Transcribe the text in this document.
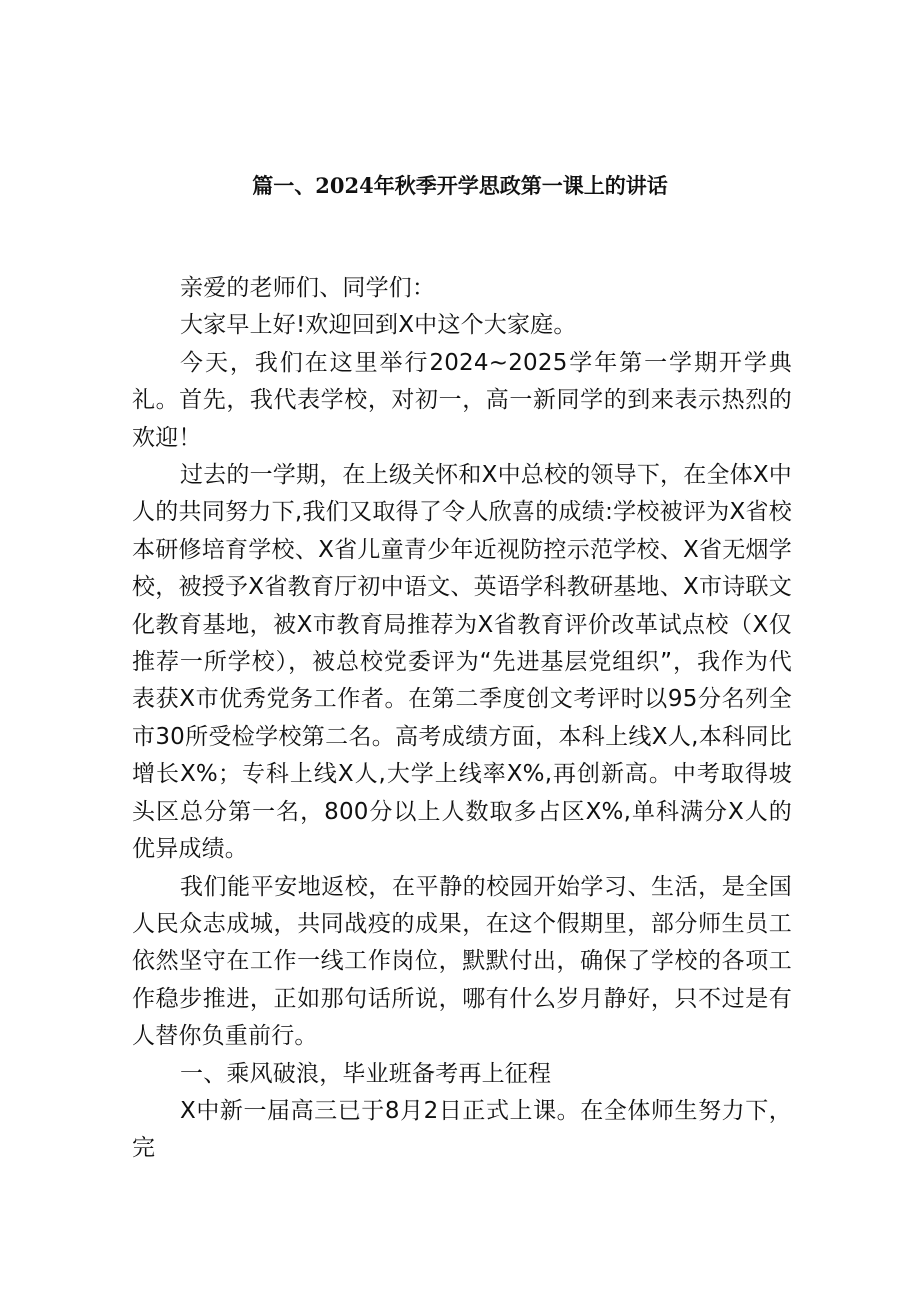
篇一、2024年秋季开学思政第一课上的讲话

亲爱的老师们、同学们：

大家早上好!欢迎回到X中这个大家庭。

今天，我们在这里举行2024~2025学年第一学期开学典礼。首先，我代表学校，对初一，高一新同学的到来表示热烈的欢迎！

过去的一学期，在上级关怀和X中总校的领导下，在全体X中人的共同努力下,我们又取得了令人欣喜的成绩:学校被评为X省校本研修培育学校、X省儿童青少年近视防控示范学校、X省无烟学校，被授予X省教育厅初中语文、英语学科教研基地、X市诗联文化教育基地，被X市教育局推荐为X省教育评价改革试点校（X仅推荐一所学校），被总校党委评为“先进基层党组织”，我作为代表获X市优秀党务工作者。在第二季度创文考评时以95分名列全市30所受检学校第二名。高考成绩方面，本科上线X人,本科同比增长X%；专科上线X人,大学上线率X%,再创新高。中考取得坡头区总分第一名，800分以上人数取多占区X%,单科满分X人的优异成绩。

我们能平安地返校，在平静的校园开始学习、生活，是全国人民众志成城，共同战疫的成果，在这个假期里，部分师生员工依然坚守在工作一线工作岗位，默默付出，确保了学校的各项工作稳步推进，正如那句话所说，哪有什么岁月静好，只不过是有人替你负重前行。

一、乘风破浪，毕业班备考再上征程

X中新一届高三已于8月2日正式上课。在全体师生努力下，完
